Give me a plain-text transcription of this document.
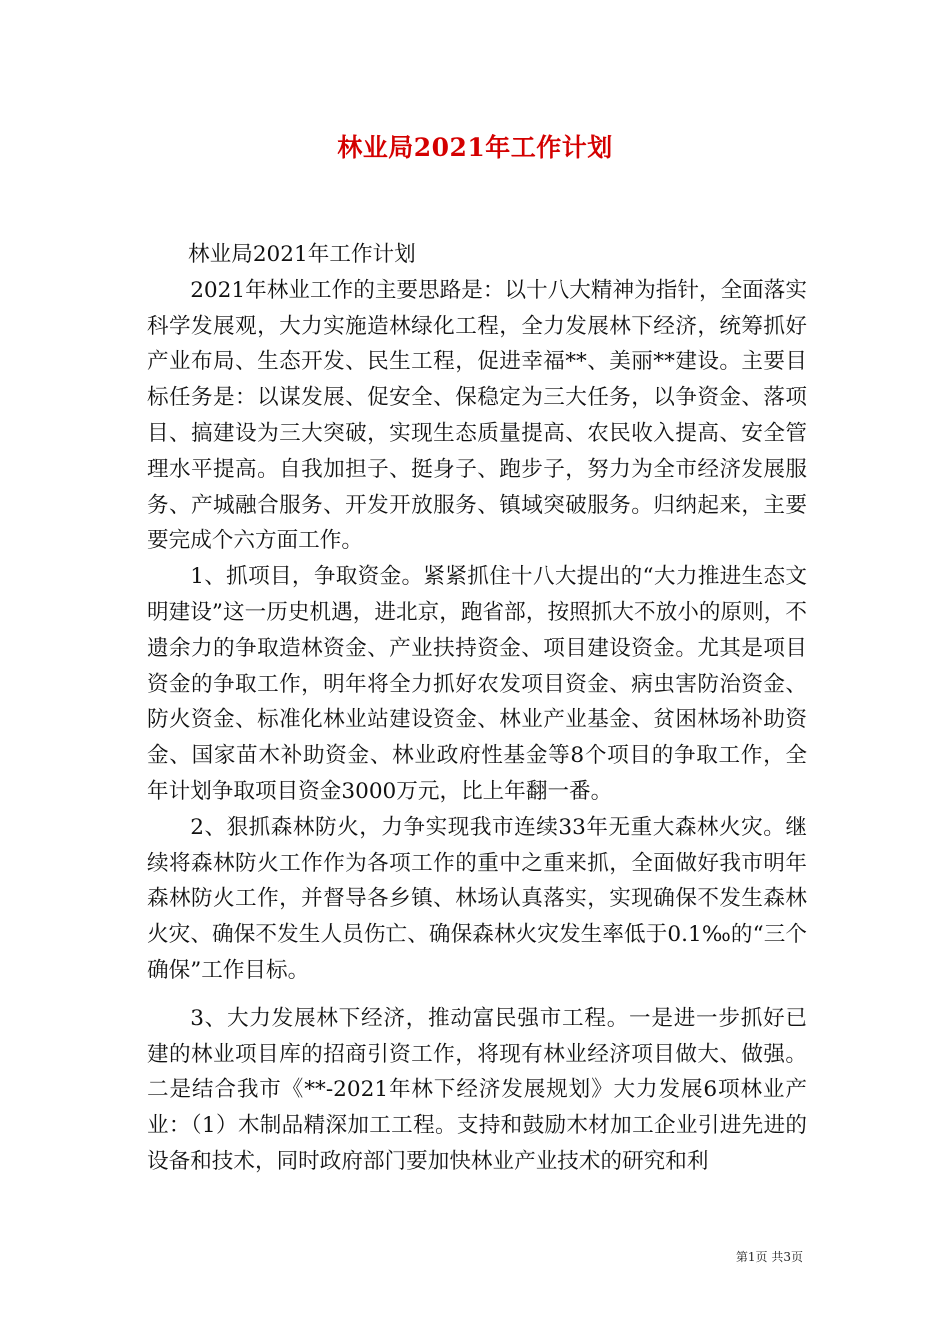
林业局2021年工作计划

林业局2021年工作计划

2021年林业工作的主要思路是：以十八大精神为指针，全面落实科学发展观，大力实施造林绿化工程，全力发展林下经济，统筹抓好产业布局、生态开发、民生工程，促进幸福**、美丽**建设。主要目标任务是：以谋发展、促安全、保稳定为三大任务，以争资金、落项目、搞建设为三大突破，实现生态质量提高、农民收入提高、安全管理水平提高。自我加担子、挺身子、跑步子，努力为全市经济发展服务、产城融合服务、开发开放服务、镇域突破服务。归纳起来，主要要完成个六方面工作。

1、抓项目，争取资金。紧紧抓住十八大提出的“大力推进生态文明建设”这一历史机遇，进北京，跑省部，按照抓大不放小的原则，不遗余力的争取造林资金、产业扶持资金、项目建设资金。尤其是项目资金的争取工作，明年将全力抓好农发项目资金、病虫害防治资金、防火资金、标准化林业站建设资金、林业产业基金、贫困林场补助资金、国家苗木补助资金、林业政府性基金等8个项目的争取工作，全年计划争取项目资金3000万元，比上年翻一番。

2、狠抓森林防火，力争实现我市连续33年无重大森林火灾。继续将森林防火工作作为各项工作的重中之重来抓，全面做好我市明年森林防火工作，并督导各乡镇、林场认真落实，实现确保不发生森林火灾、确保不发生人员伤亡、确保森林火灾发生率低于0.1‰的“三个确保”工作目标。

3、大力发展林下经济，推动富民强市工程。一是进一步抓好已建的林业项目库的招商引资工作，将现有林业经济项目做大、做强。二是结合我市《**-2021年林下经济发展规划》大力发展6项林业产业：（1）木制品精深加工工程。支持和鼓励木材加工企业引进先进的设备和技术，同时政府部门要加快林业产业技术的研究和利

第1页 共3页
